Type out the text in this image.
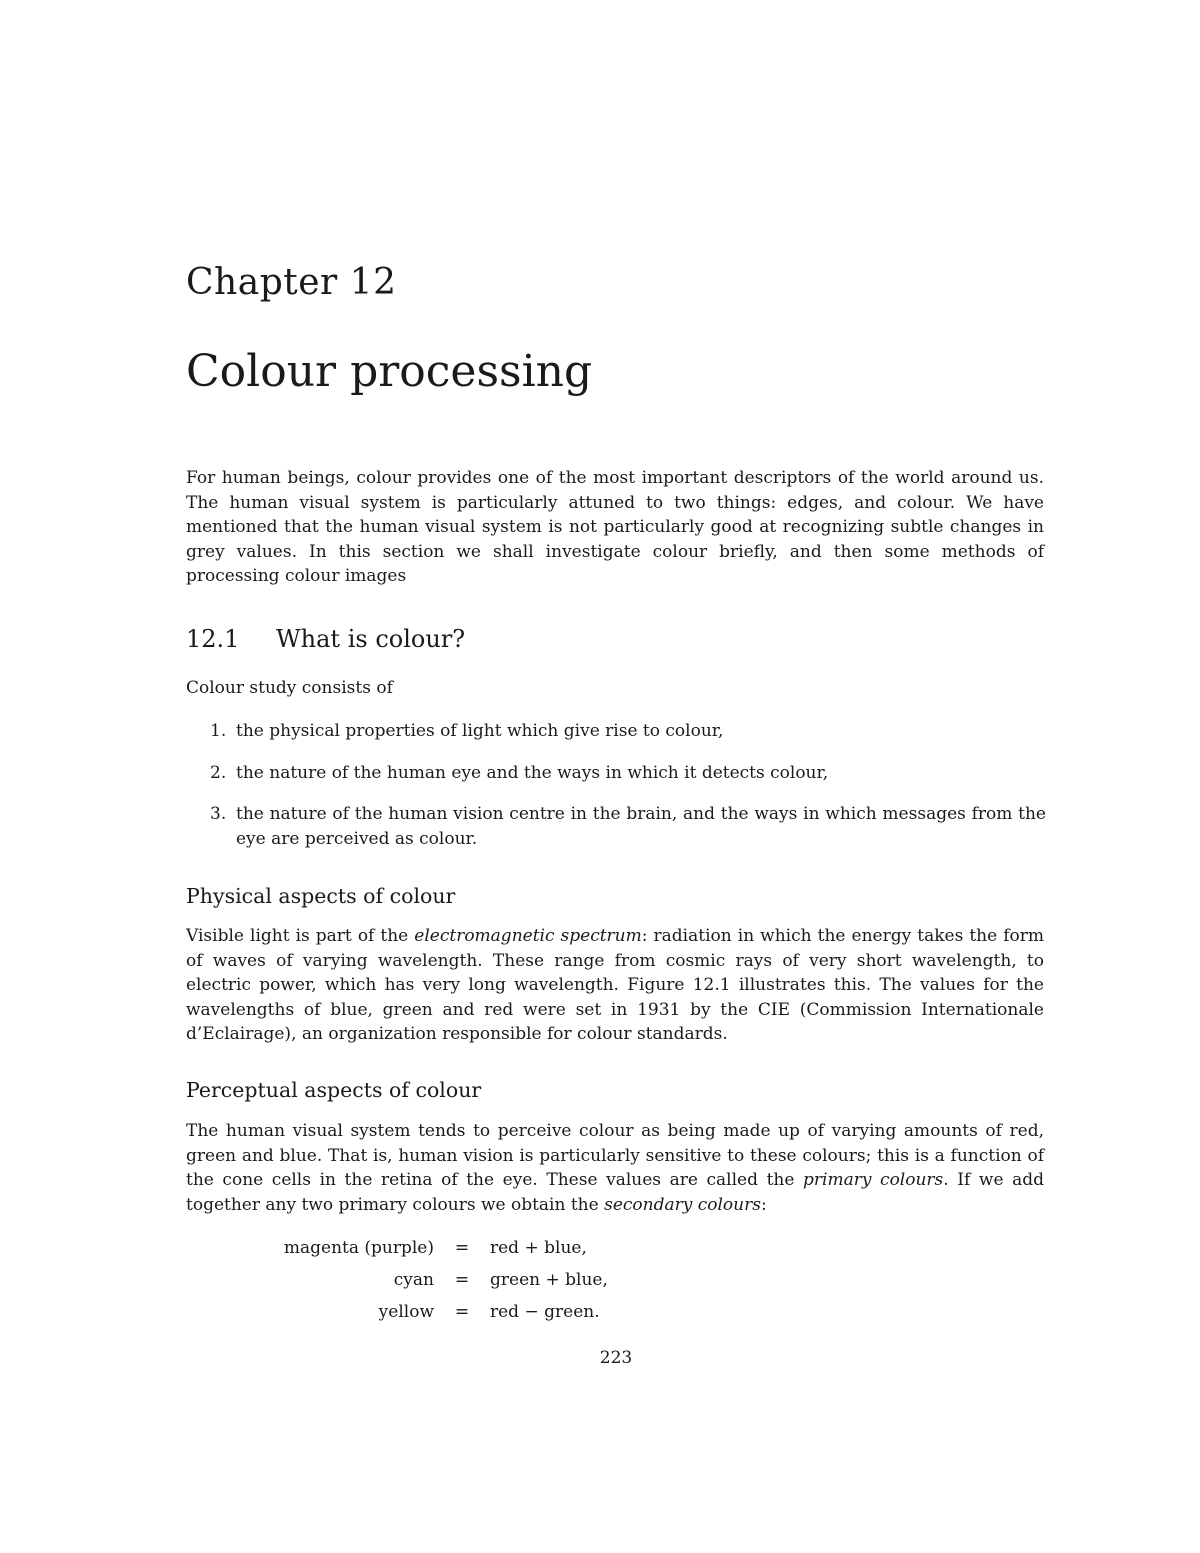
Chapter 12
Colour processing

For human beings, colour provides one of the most important descriptors of the world around us. The human visual system is particularly attuned to two things: edges, and colour. We have mentioned that the human visual system is not particularly good at recognizing subtle changes in grey values. In this section we shall investigate colour briefly, and then some methods of processing colour images

12.1 What is colour?
Colour study consists of
1. the physical properties of light which give rise to colour,
2. the nature of the human eye and the ways in which it detects colour,
3. the nature of the human vision centre in the brain, and the ways in which messages from the eye are perceived as colour.
Physical aspects of colour

Visible light is part of the electromagnetic spectrum: radiation in which the energy takes the form of waves of varying wavelength. These range from cosmic rays of very short wavelength, to electric power, which has very long wavelength. Figure 12.1 illustrates this. The values for the wavelengths of blue, green and red were set in 1931 by the CIE (Commission Internationale d’Eclairage), an organization responsible for colour standards.

Perceptual aspects of colour

The human visual system tends to perceive colour as being made up of varying amounts of red, green and blue. That is, human vision is particularly sensitive to these colours; this is a function of the cone cells in the retina of the eye. These values are called the primary colours. If we add together any two primary colours we obtain the secondary colours:

magenta (purple)	=	red + blue,
cyan	=	green + blue,
yellow	=	red − green.
223
